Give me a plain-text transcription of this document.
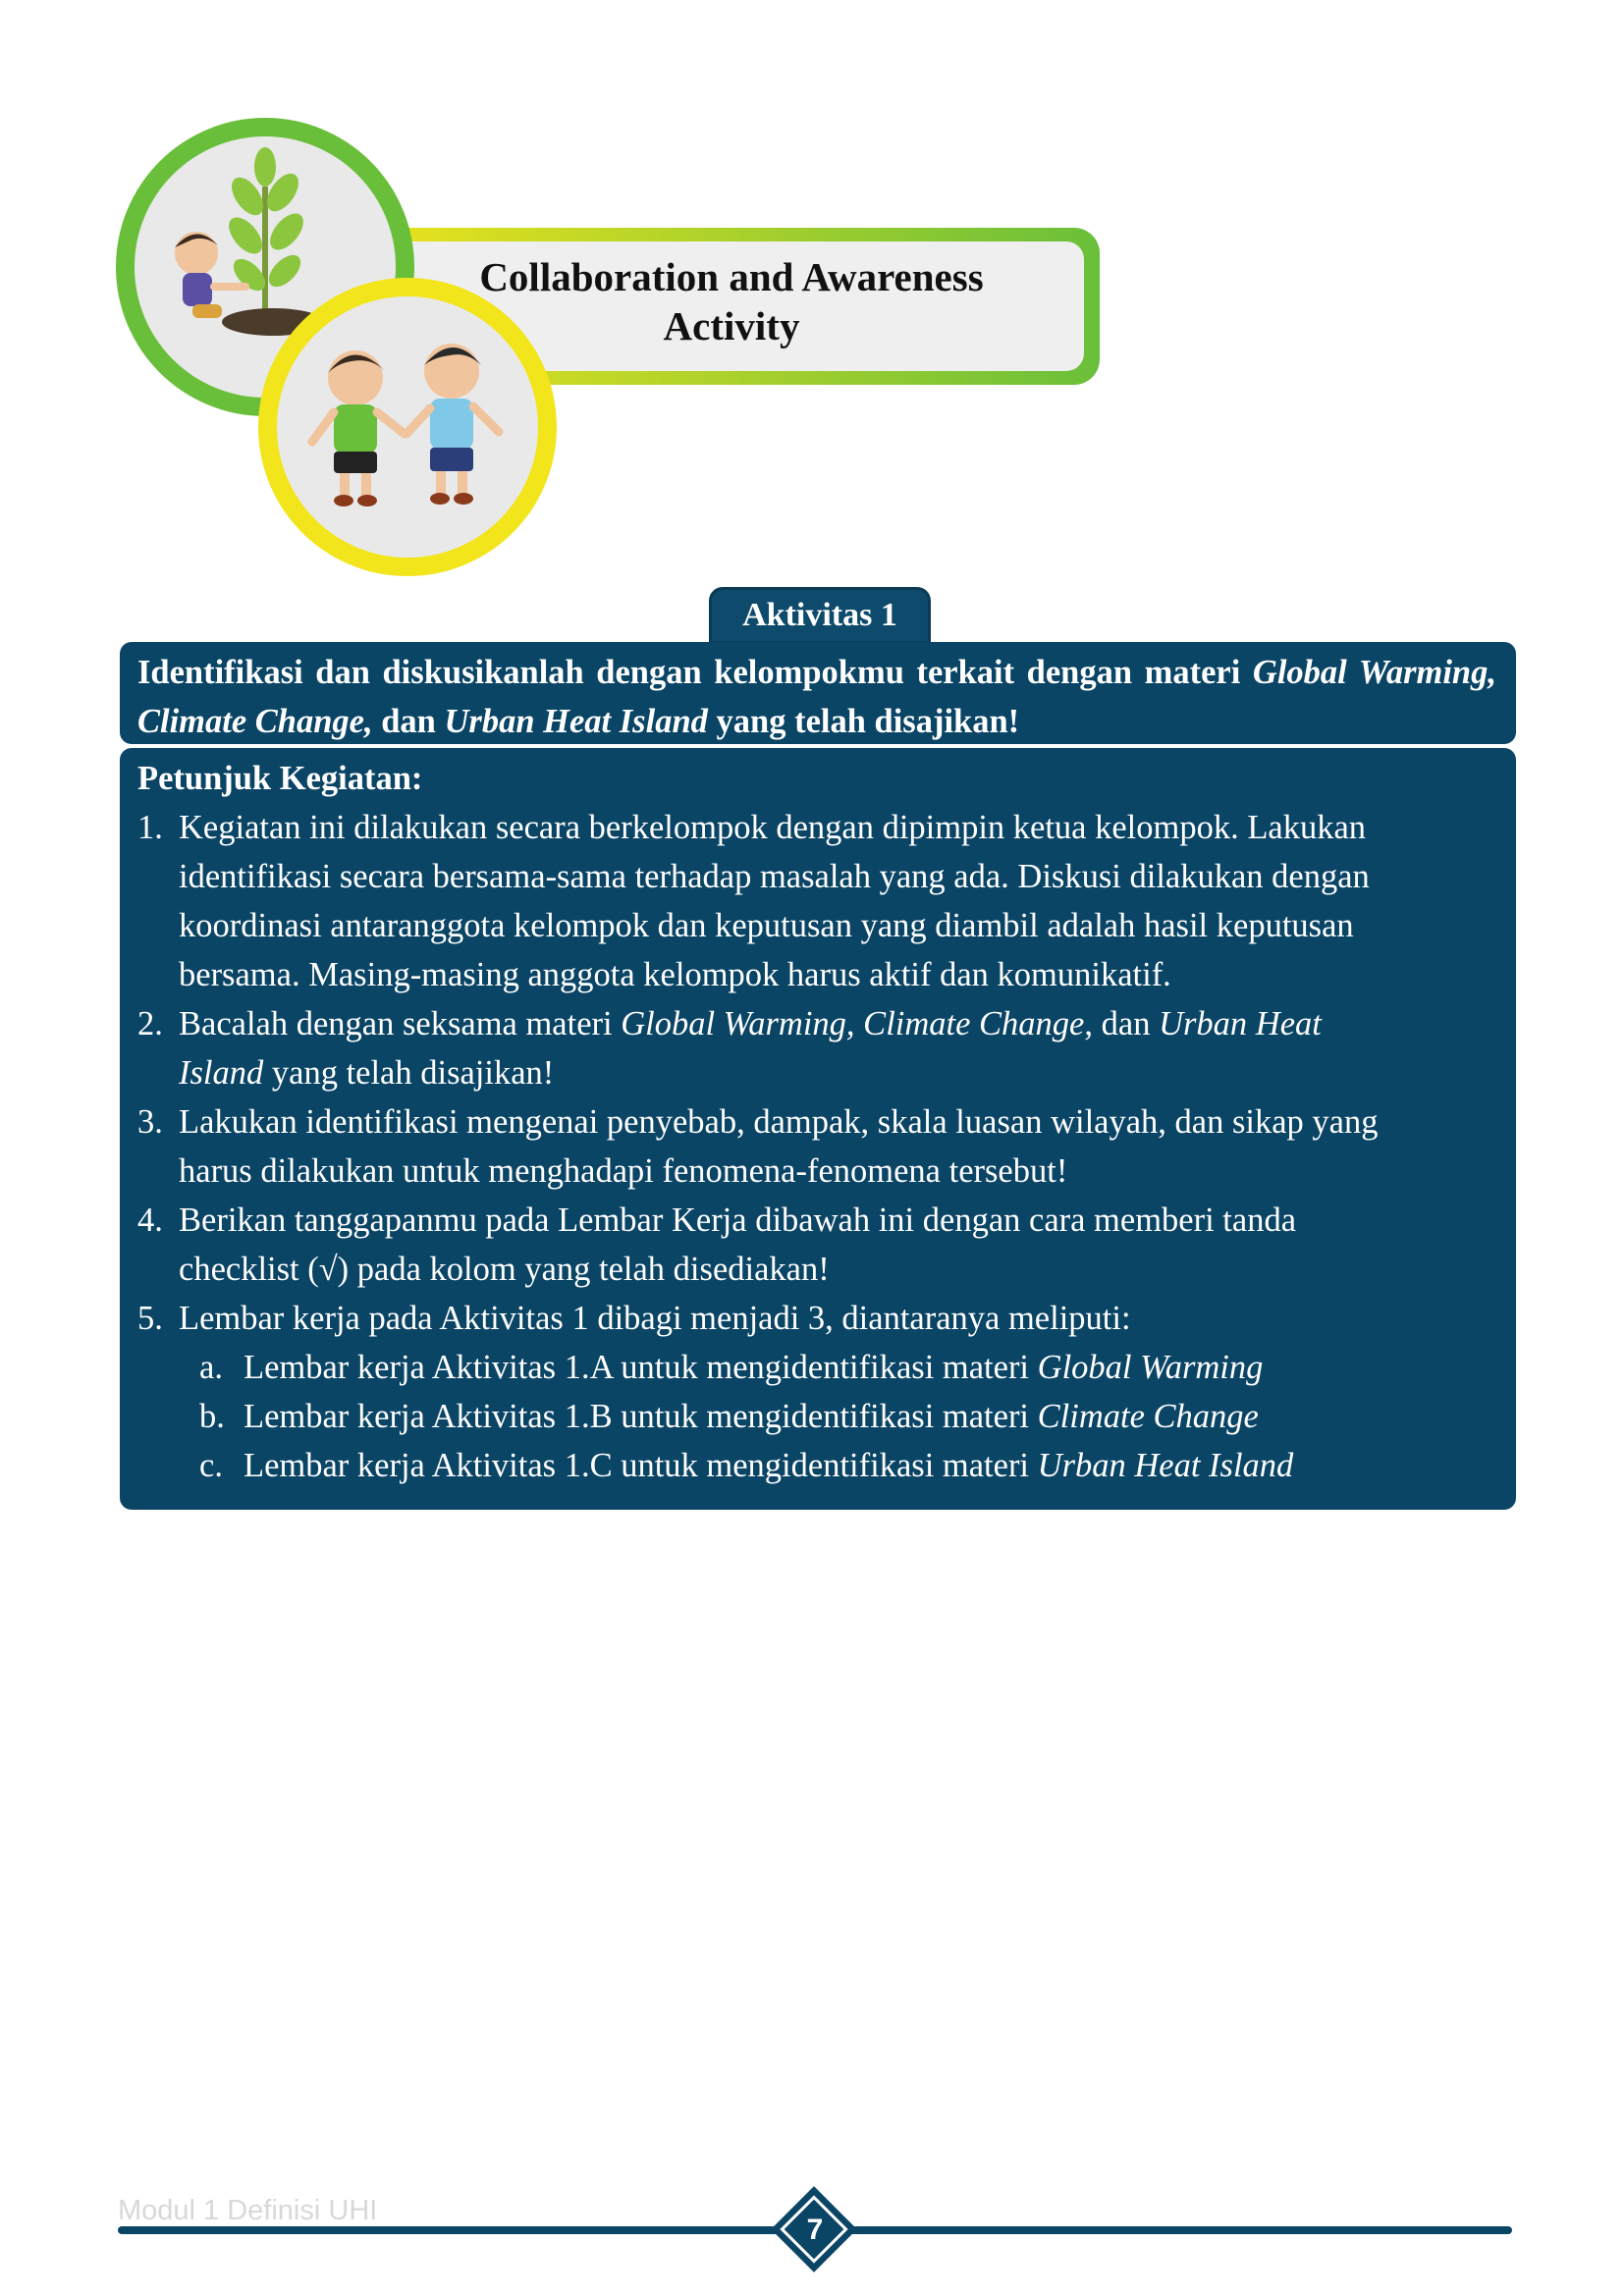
Collaboration and Awareness
Activity
Aktivitas 1
Identifikasi dan diskusikanlah dengan kelompokmu terkait dengan materi Global Warming, Climate Change, dan Urban Heat Island yang telah disajikan!
Petunjuk Kegiatan:
1. Kegiatan ini dilakukan secara berkelompok dengan dipimpin ketua kelompok. Lakukan
identifikasi secara bersama-sama terhadap masalah yang ada. Diskusi dilakukan dengan
koordinasi antaranggota kelompok dan keputusan yang diambil adalah hasil keputusan
bersama. Masing-masing anggota kelompok harus aktif dan komunikatif.
2. Bacalah dengan seksama materi Global Warming, Climate Change, dan Urban Heat
Island yang telah disajikan!
3. Lakukan identifikasi mengenai penyebab, dampak, skala luasan wilayah, dan sikap yang
harus dilakukan untuk menghadapi fenomena-fenomena tersebut!
4. Berikan tanggapanmu pada Lembar Kerja dibawah ini dengan cara memberi tanda
checklist (√) pada kolom yang telah disediakan!
5. Lembar kerja pada Aktivitas 1 dibagi menjadi 3, diantaranya meliputi:
a. Lembar kerja Aktivitas 1.A untuk mengidentifikasi materi Global Warming
b. Lembar kerja Aktivitas 1.B untuk mengidentifikasi materi Climate Change
c. Lembar kerja Aktivitas 1.C untuk mengidentifikasi materi Urban Heat Island
Modul 1 Definisi UHI
7
